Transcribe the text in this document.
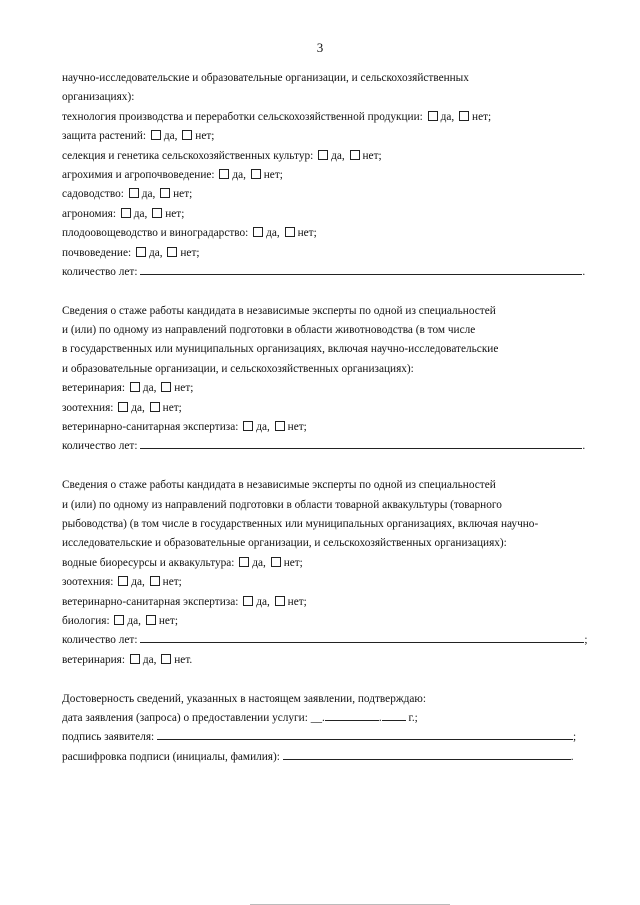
3
научно-исследовательские и образовательные организации, и сельскохозяйственных
организациях):
технология производства и переработки сельскохозяйственной продукции: да, нет;
защита растений: да, нет;
селекция и генетика сельскохозяйственных культур: да, нет;
агрохимия и агропочвоведение: да, нет;
садоводство: да, нет;
агрономия: да, нет;
плодоовощеводство и виноградарство: да, нет;
почвоведение: да, нет;
количество лет:	.
Сведения о стаже работы кандидата в независимые эксперты по одной из специальностей
и (или) по одному из направлений подготовки в области животноводства (в том числе
в государственных или муниципальных организациях, включая научно-исследовательские
и образовательные организации, и сельскохозяйственных организациях):
ветеринария: да, нет;
зоотехния: да, нет;
ветеринарно-санитарная экспертиза: да, нет;
количество лет:	.
Сведения о стаже работы кандидата в независимые эксперты по одной из специальностей
и (или) по одному из направлений подготовки в области товарной аквакультуры (товарного
рыбоводства) (в том числе в государственных или муниципальных организациях, включая научно-
исследовательские и образовательные организации, и сельскохозяйственных организациях):
водные биоресурсы и аквакультура: да, нет;
зоотехния: да, нет;
ветеринарно-санитарная экспертиза: да, нет;
биология: да, нет;
количество лет:	;
ветеринария: да, нет.
Достоверность сведений, указанных в настоящем заявлении, подтверждаю:
дата заявления (запроса) о предоставлении услуги: __.	. г.;
подпись заявителя:	;
расшифровка подписи (инициалы, фамилия):	.
